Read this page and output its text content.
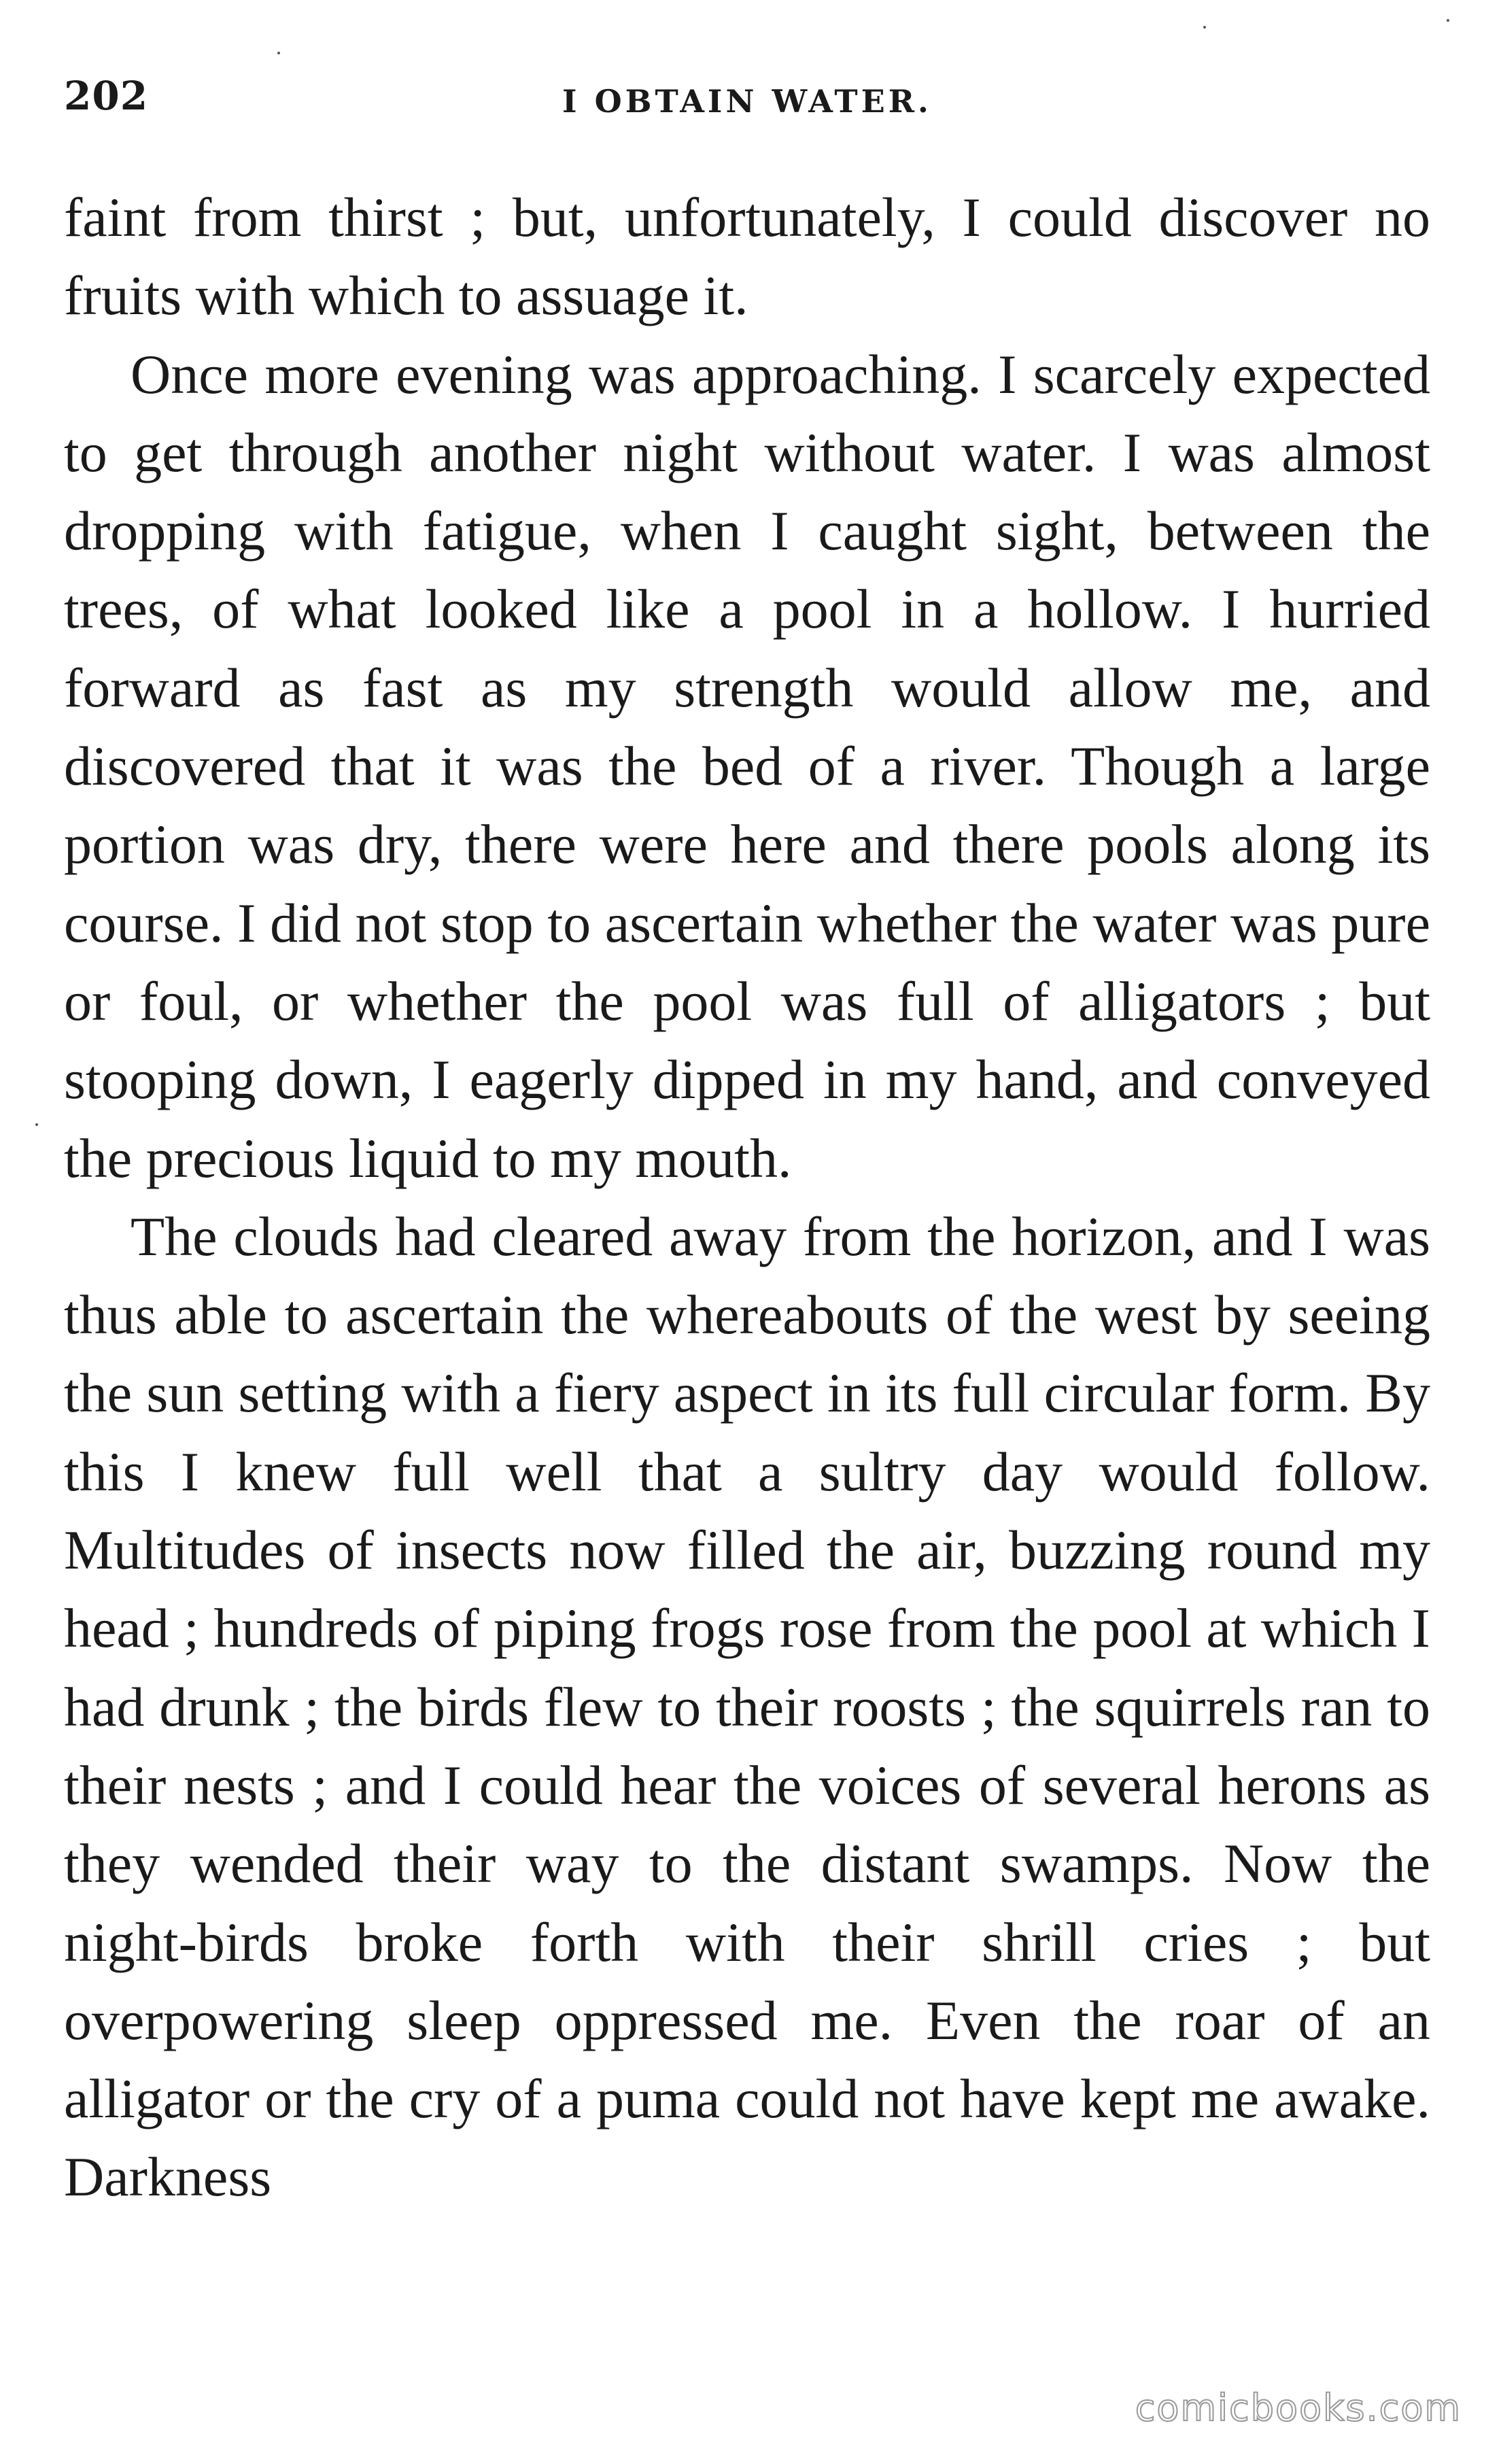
202	I OBTAIN WATER.

faint from thirst ; but, unfortunately, I could discover no fruits with which to assuage it.

Once more evening was approaching. I scarcely expected to get through another night without water. I was almost dropping with fatigue, when I caught sight, between the trees, of what looked like a pool in a hollow. I hurried forward as fast as my strength would allow me, and discovered that it was the bed of a river. Though a large portion was dry, there were here and there pools along its course. I did not stop to ascertain whether the water was pure or foul, or whether the pool was full of alligators ; but stooping down, I eagerly dipped in my hand, and conveyed the precious liquid to my mouth.

The clouds had cleared away from the horizon, and I was thus able to ascertain the whereabouts of the west by seeing the sun setting with a fiery aspect in its full circular form. By this I knew full well that a sultry day would follow. Multitudes of insects now filled the air, buzzing round my head ; hundreds of piping frogs rose from the pool at which I had drunk ; the birds flew to their roosts ; the squirrels ran to their nests ; and I could hear the voices of several herons as they wended their way to the distant swamps. Now the night-birds broke forth with their shrill cries ; but overpowering sleep oppressed me. Even the roar of an alligator or the cry of a puma could not have kept me awake. Darkness

comicbooks.com
